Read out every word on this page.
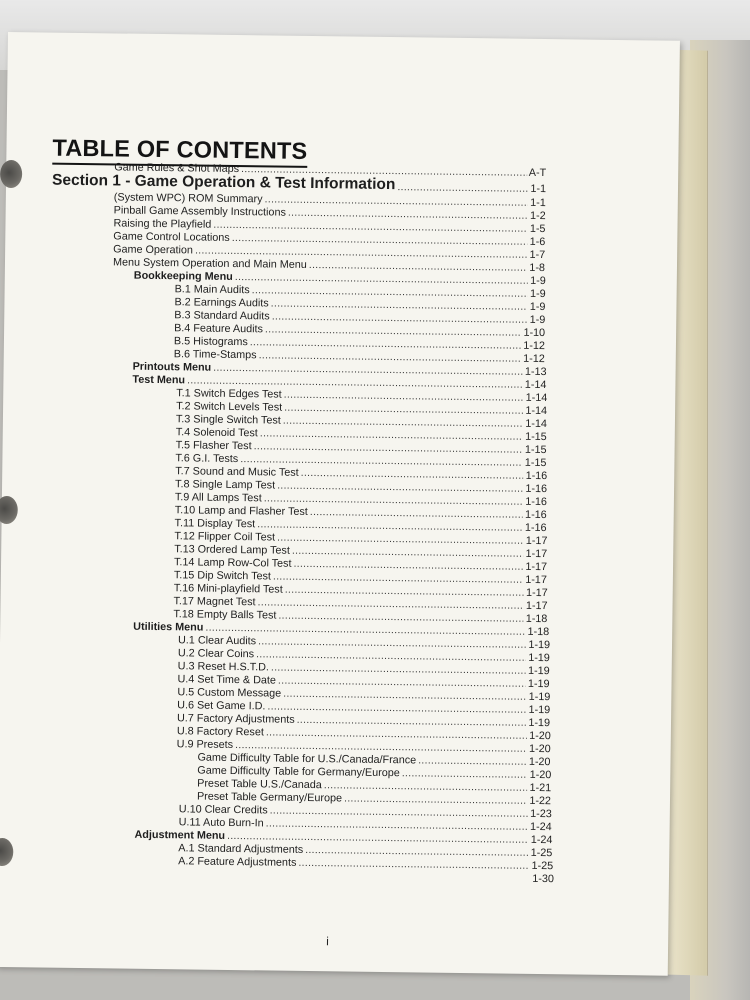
TABLE OF CONTENTS
Game Rules & Shot Maps .....	A-T
Section 1 - Game Operation & Test Information .....	1-1
(System WPC) ROM Summary .....	1-1
Pinball Game Assembly Instructions .....	1-2
Raising the Playfield .....	1-5
Game Control Locations .....	1-6
Game Operation .....	1-7
Menu System Operation and Main Menu .....	1-8
Bookkeeping Menu .....	1-9
B.1 Main Audits .....	1-9
B.2 Earnings Audits .....	1-9
B.3 Standard Audits .....	1-9
B.4 Feature Audits .....	1-10
B.5 Histograms .....	1-12
B.6 Time-Stamps .....	1-12
Printouts Menu .....	1-13
Test Menu .....	1-14
T.1 Switch Edges Test .....	1-14
T.2 Switch Levels Test .....	1-14
T.3 Single Switch Test .....	1-14
T.4 Solenoid Test .....	1-15
T.5 Flasher Test .....	1-15
T.6 G.I. Tests .....	1-15
T.7 Sound and Music Test .....	1-16
T.8 Single Lamp Test .....	1-16
T.9 All Lamps Test .....	1-16
T.10 Lamp and Flasher Test .....	1-16
T.11 Display Test .....	1-16
T.12 Flipper Coil Test .....	1-17
T.13 Ordered Lamp Test .....	1-17
T.14 Lamp Row-Col Test .....	1-17
T.15 Dip Switch Test .....	1-17
T.16 Mini-playfield Test .....	1-17
T.17 Magnet Test .....	1-17
T.18 Empty Balls Test .....	1-18
Utilities Menu .....	1-18
U.1 Clear Audits .....	1-19
U.2 Clear Coins .....	1-19
U.3 Reset H.S.T.D. .....	1-19
U.4 Set Time & Date .....	1-19
U.5 Custom Message .....	1-19
U.6 Set Game I.D. .....	1-19
U.7 Factory Adjustments .....	1-19
U.8 Factory Reset .....	1-20
U.9 Presets .....	1-20
Game Difficulty Table for U.S./Canada/France .....	1-20
Game Difficulty Table for Germany/Europe .....	1-20
Preset Table U.S./Canada .....	1-21
Preset Table Germany/Europe .....	1-22
U.10 Clear Credits .....	1-23
U.11 Auto Burn-In .....	1-24
Adjustment Menu .....	1-24
A.1 Standard Adjustments .....	1-25
A.2 Feature Adjustments .....	1-25
1-30
i
